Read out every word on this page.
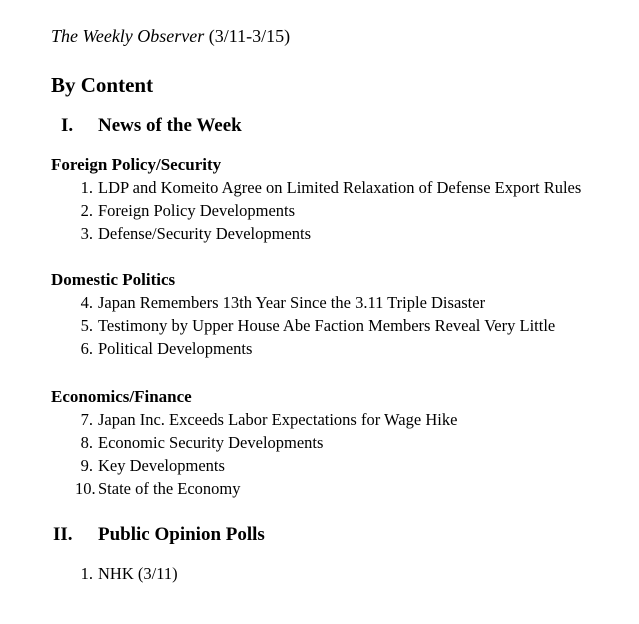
The Weekly Observer (3/11-3/15)
By Content
I. News of the Week
Foreign Policy/Security
1. LDP and Komeito Agree on Limited Relaxation of Defense Export Rules
2. Foreign Policy Developments
3. Defense/Security Developments
Domestic Politics
4. Japan Remembers 13th Year Since the 3.11 Triple Disaster
5. Testimony by Upper House Abe Faction Members Reveal Very Little
6. Political Developments
Economics/Finance
7. Japan Inc. Exceeds Labor Expectations for Wage Hike
8. Economic Security Developments
9. Key Developments
10. State of the Economy
II. Public Opinion Polls
1. NHK (3/11)
